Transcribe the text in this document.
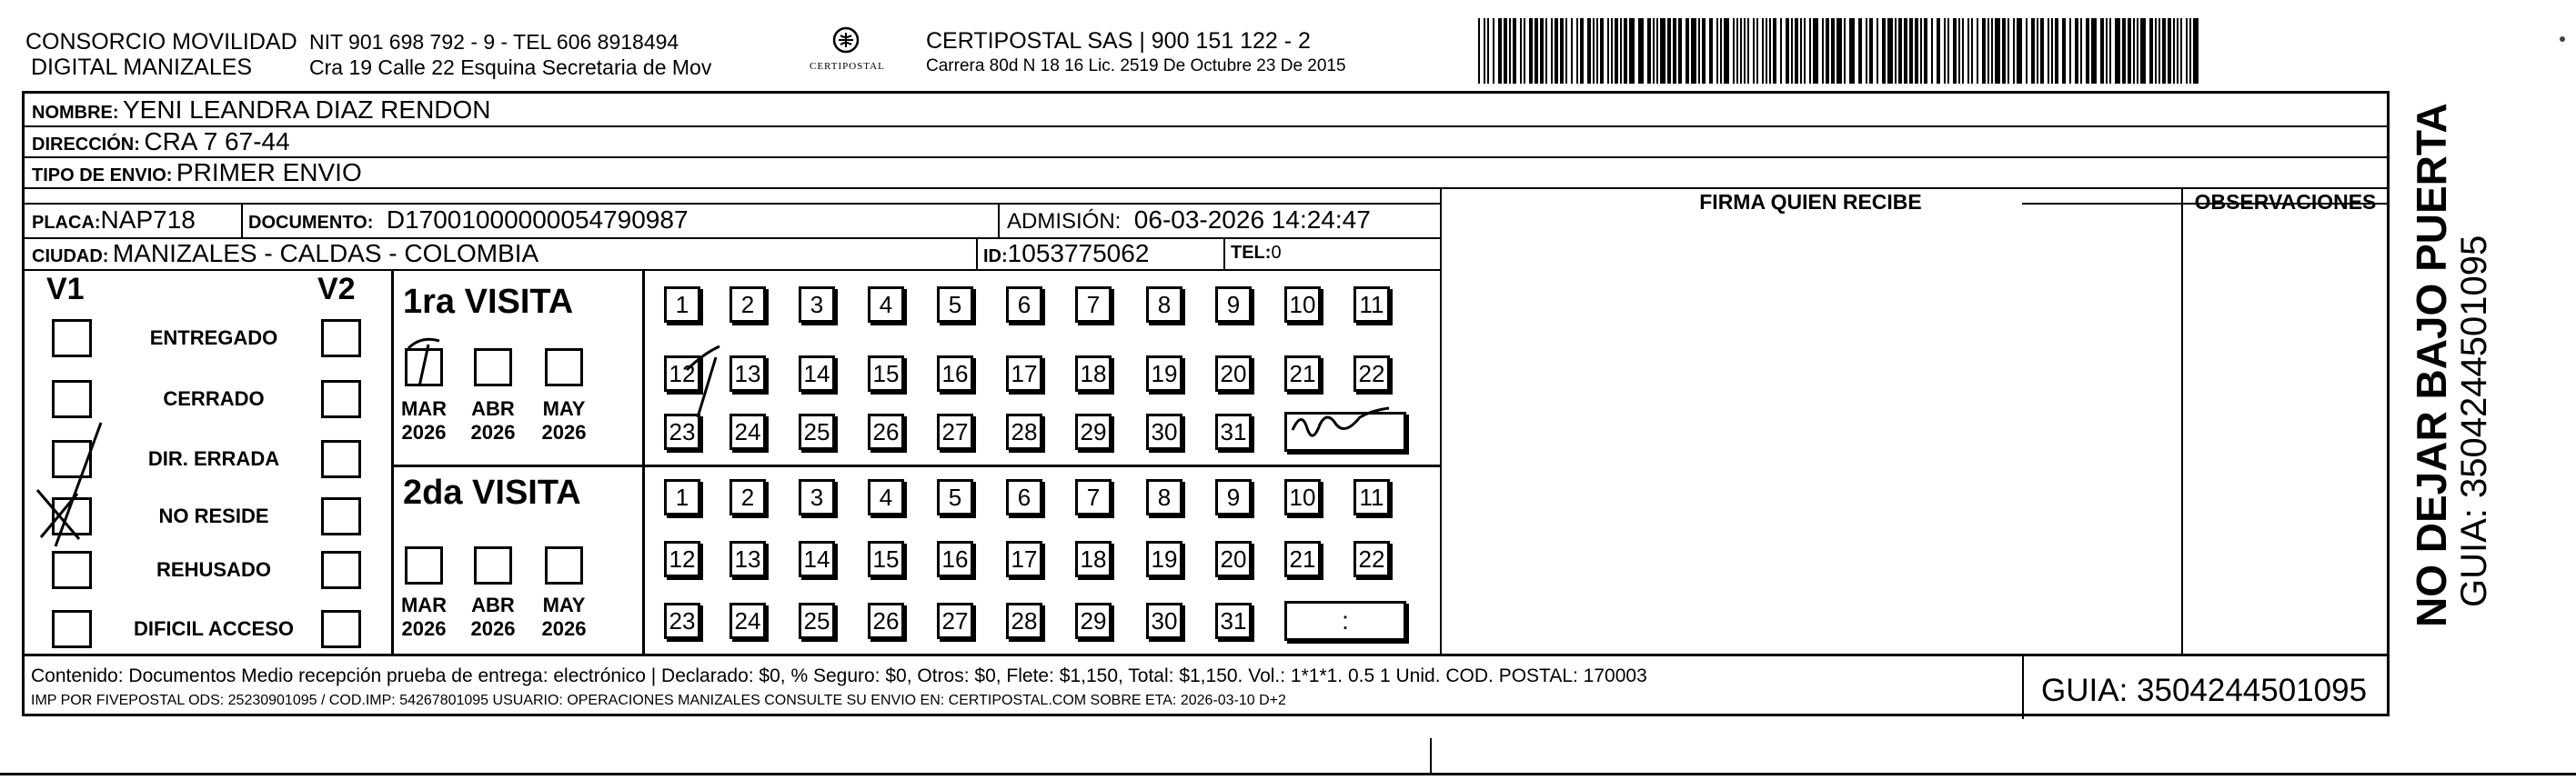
CONSORCIO MOVILIDAD
DIGITAL MANIZALES
NIT 901 698 792 - 9 - TEL 606 8918494
Cra 19 Calle 22 Esquina Secretaria de Mov	CERTIPOSTAL
CERTIPOSTAL SAS | 900 151 122 - 2
Carrera 80d N 18 16 Lic. 2519 De Octubre 23 De 2015
NOMBRE: YENI LEANDRA DIAZ RENDON
DIRECCIÓN: CRA 7 67-44
TIPO DE ENVIO: PRIMER ENVIO
FIRMA QUIEN RECIBE	OBSERVACIONES
PLACA:NAP718	DOCUMENTO: D17001000000054790987	ADMISIÓN: 06-03-2026 14:24:47
CIUDAD: MANIZALES - CALDAS - COLOMBIA	ID:1053775062	TEL:0
V1	V2
ENTREGADO
CERRADO
DIR. ERRADA
NO RESIDE
REHUSADO
DIFICIL ACCESO
1ra VISITA
2da VISITA
MAR
2026
ABR
2026
MAY
2026
MAR
2026
ABR
2026
MAY
2026
1	2	3	4	5	6	7	8	9	10 11
12 13 14 15 16 17 18 19 20 21 22
23 24 25 26 27 28 29 30 31
1	2	3	4	5	6	7	8	9	10 11
12 13 14 15 16 17 18 19 20 21 22
23 24 25 26 27 28 29 30 31	:
Contenido: Documentos Medio recepción prueba de entrega: electrónico | Declarado: $0, % Seguro: $0, Otros: $0, Flete: $1,150, Total: $1,150. Vol.: 1*1*1. 0.5 1 Unid. COD. POSTAL: 170003
IMP POR FIVEPOSTAL ODS: 25230901095 / COD.IMP: 54267801095 USUARIO: OPERACIONES MANIZALES CONSULTE SU ENVIO EN: CERTIPOSTAL.COM SOBRE ETA: 2026-03-10 D+2	GUIA: 3504244501095
NO DEJAR BAJO PUERTA GUIA: 3504244501095
